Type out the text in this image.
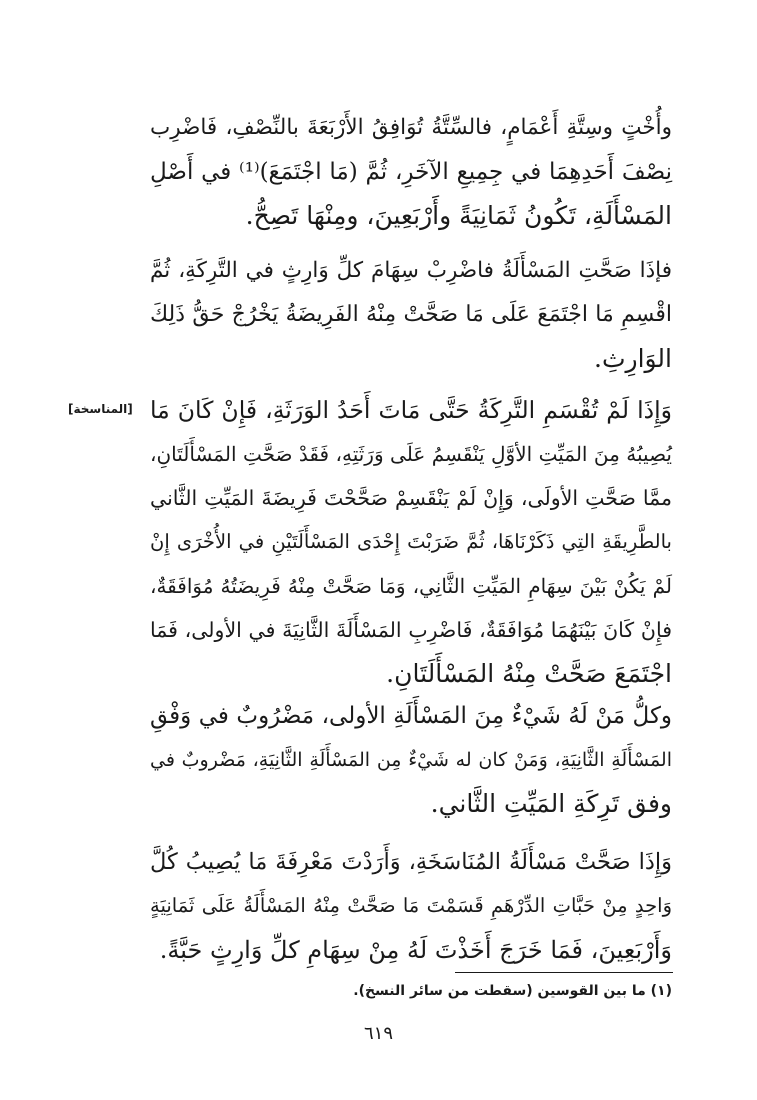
وأُخْتٍ وسِتَّةِ أَعْمَامٍ، فالسِّتَّةُ تُوَافِقُ الأَرْبَعَةَ بالنِّصْفِ، فَاضْرِب
نِصْفَ أَحَدِهِمَا في جِمِيعِ الآخَرِ، ثُمَّ (مَا اجْتَمَعَ)⁽¹⁾ في أَصْلِ
المَسْأَلَةِ، تَكُونُ ثَمَانِيَةً وأَرْبَعِينَ، ومِنْهَا تَصِحُّ.

فإذَا صَحَّتِ المَسْأَلَةُ فاضْرِبْ سِهَامَ كلِّ وَارِثٍ في التَّرِكَةِ، ثُمَّ
اقْسِمِ مَا اجْتَمَعَ عَلَى مَا صَحَّتْ مِنْهُ الفَرِيضَةُ يَخْرُجْ حَقُّ ذَلِكَ
الوَارِثِ.

[المناسخة] وَإِذَا لَمْ تُقْسَمِ التَّرِكَةُ حَتَّى مَاتَ أَحَدُ الوَرَثَةِ، فَإِنْ كَانَ مَا
يُصِيبُهُ مِنَ المَيِّتِ الأوَّلِ يَنْقَسِمُ عَلَى وَرَثَتِهِ، فَقَدْ صَحَّتِ المَسْأَلَتَانِ،
ممَّا صَحَّتِ الأولَى، وَإِنْ لَمْ يَنْقَسِمْ صَحَّحْتَ فَرِيضَةَ المَيِّتِ الثَّاني
بالطَّرِيقَةِ التِي ذَكَرْنَاهَا، ثُمَّ ضَرَبْتَ إِحْدَى المَسْأَلَتَيْنِ في الأُخْرَى إِنْ
لَمْ يَكُنْ بَيْنَ سِهَامِ المَيِّتِ الثَّانِي، وَمَا صَحَّتْ مِنْهُ فَرِيضَتُهُ مُوَافَقَةٌ،
فإِنْ كَانَ بَيْنَهُمَا مُوَافَقَةٌ، فَاضْرِبِ المَسْأَلَةَ الثَّانِيَةَ في الأولى، فَمَا
اجْتَمَعَ صَحَّتْ مِنْهُ المَسْأَلَتَانِ.

وكلُّ مَنْ لَهُ شَيْءٌ مِنَ المَسْأَلَةِ الأولى، مَضْرُوبٌ في وَفْقِ
المَسْأَلَةِ الثَّانِيَةِ، وَمَنْ كان له شَيْءٌ مِن المَسْأَلَةِ الثَّانِيَةِ، مَضْروبٌ في
وفق تَرِكَةِ المَيِّتِ الثَّاني.

وَإِذَا صَحَّتْ مَسْأَلَةُ المُنَاسَخَةِ، وَأَرَدْتَ مَعْرِفَةَ مَا يُصِيبُ كُلَّ
وَاحِدٍ مِنْ حَبَّاتِ الدِّرْهَمِ قَسَمْتَ مَا صَحَّتْ مِنْهُ المَسْأَلَةُ عَلَى ثَمَانِيَةٍ
وَأَرْبَعِينَ، فَمَا خَرَجَ أَخَذْتَ لَهُ مِنْ سِهَامِ كلِّ وَارِثٍ حَبَّةً.

(١) ما بين القوسين (سقطت من سائر النسخ).
٦١٩
